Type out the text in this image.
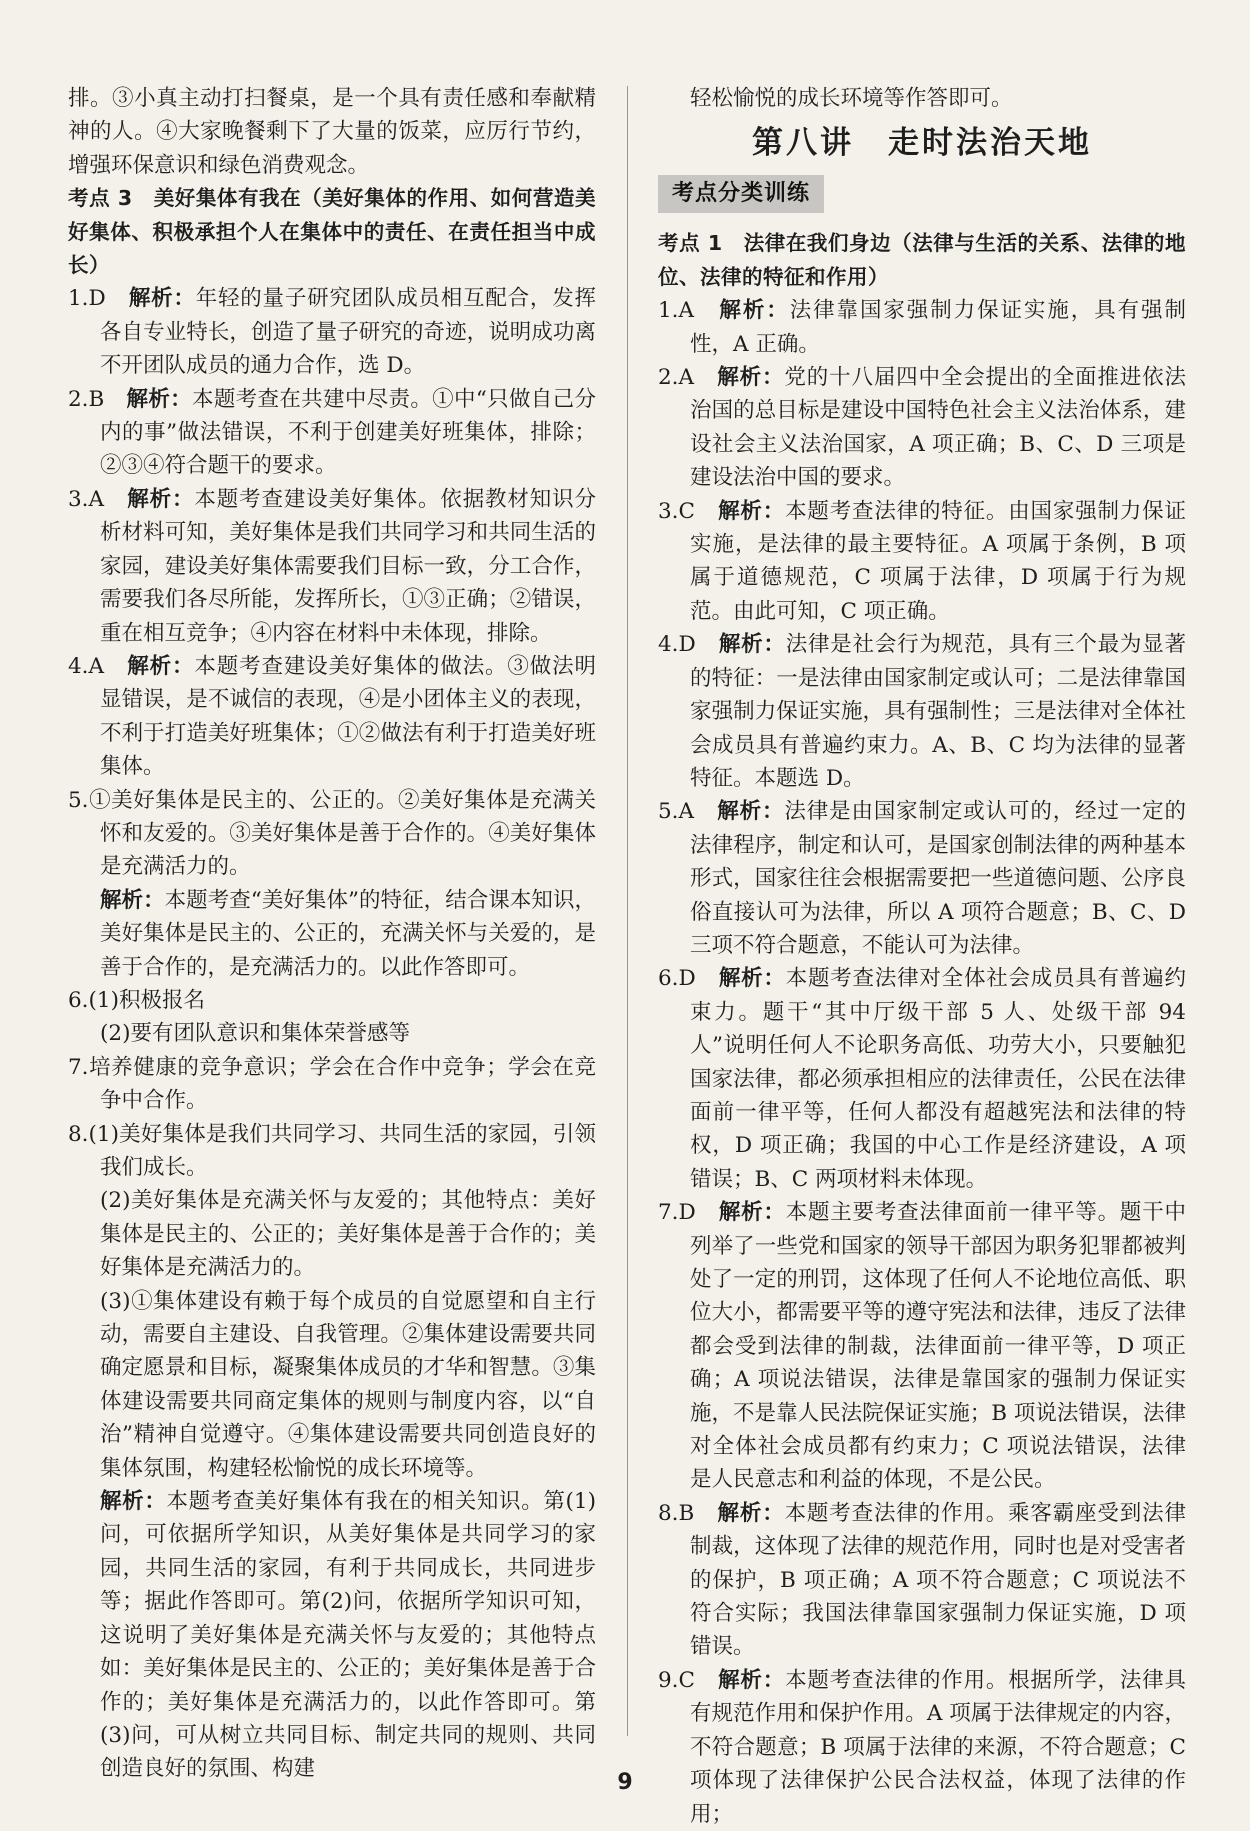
排。③小真主动打扫餐桌，是一个具有责任感和奉献精神的人。④大家晚餐剩下了大量的饭菜，应厉行节约，增强环保意识和绿色消费观念。

考点 3　美好集体有我在（美好集体的作用、如何营造美好集体、积极承担个人在集体中的责任、在责任担当中成长）

1.D　 解析：年轻的量子研究团队成员相互配合，发挥各自专业特长，创造了量子研究的奇迹，说明成功离不开团队成员的通力合作，选 D。

2.B　 解析：本题考查在共建中尽责。①中“只做自己分内的事”做法错误，不利于创建美好班集体，排除；②③④符合题干的要求。

3.A　 解析：本题考查建设美好集体。依据教材知识分析材料可知，美好集体是我们共同学习和共同生活的家园，建设美好集体需要我们目标一致，分工合作，需要我们各尽所能，发挥所长，①③正确；②错误，重在相互竞争；④内容在材料中未体现，排除。

4.A　 解析：本题考查建设美好集体的做法。③做法明显错误，是不诚信的表现，④是小团体主义的表现，不利于打造美好班集体；①②做法有利于打造美好班集体。

5.①美好集体是民主的、公正的。②美好集体是充满关怀和友爱的。③美好集体是善于合作的。④美好集体是充满活力的。

解析：本题考查“美好集体”的特征，结合课本知识，美好集体是民主的、公正的，充满关怀与关爱的，是善于合作的，是充满活力的。以此作答即可。

6.(1)积极报名

(2)要有团队意识和集体荣誉感等

7.培养健康的竞争意识；学会在合作中竞争；学会在竞争中合作。

8.(1)美好集体是我们共同学习、共同生活的家园，引领我们成长。

(2)美好集体是充满关怀与友爱的；其他特点：美好集体是民主的、公正的；美好集体是善于合作的；美好集体是充满活力的。

(3)①集体建设有赖于每个成员的自觉愿望和自主行动，需要自主建设、自我管理。②集体建设需要共同确定愿景和目标，凝聚集体成员的才华和智慧。③集体建设需要共同商定集体的规则与制度内容，以“自治”精神自觉遵守。④集体建设需要共同创造良好的集体氛围，构建轻松愉悦的成长环境等。

解析：本题考查美好集体有我在的相关知识。第(1)问，可依据所学知识，从美好集体是共同学习的家园，共同生活的家园，有利于共同成长，共同进步等；据此作答即可。第(2)问，依据所学知识可知，这说明了美好集体是充满关怀与友爱的；其他特点如：美好集体是民主的、公正的；美好集体是善于合作的；美好集体是充满活力的，以此作答即可。第(3)问，可从树立共同目标、制定共同的规则、共同创造良好的氛围、构建

轻松愉悦的成长环境等作答即可。

第八讲　走时法治天地
考点分类训练

考点 1　法律在我们身边（法律与生活的关系、法律的地位、法律的特征和作用）

1.A　 解析：法律靠国家强制力保证实施，具有强制性，A 正确。

2.A　 解析：党的十八届四中全会提出的全面推进依法治国的总目标是建设中国特色社会主义法治体系，建设社会主义法治国家，A 项正确；B、C、D 三项是建设法治中国的要求。

3.C　 解析：本题考查法律的特征。由国家强制力保证实施，是法律的最主要特征。A 项属于条例，B 项属于道德规范，C 项属于法律，D 项属于行为规范。由此可知，C 项正确。

4.D　 解析：法律是社会行为规范，具有三个最为显著的特征：一是法律由国家制定或认可；二是法律靠国家强制力保证实施，具有强制性；三是法律对全体社会成员具有普遍约束力。A、B、C 均为法律的显著特征。本题选 D。

5.A　 解析：法律是由国家制定或认可的，经过一定的法律程序，制定和认可，是国家创制法律的两种基本形式，国家往往会根据需要把一些道德问题、公序良俗直接认可为法律，所以 A 项符合题意；B、C、D 三项不符合题意，不能认可为法律。

6.D　 解析：本题考查法律对全体社会成员具有普遍约束力。题干“其中厅级干部 5 人、处级干部 94 人”说明任何人不论职务高低、功劳大小，只要触犯国家法律，都必须承担相应的法律责任，公民在法律面前一律平等，任何人都没有超越宪法和法律的特权，D 项正确；我国的中心工作是经济建设，A 项错误；B、C 两项材料未体现。

7.D　 解析：本题主要考查法律面前一律平等。题干中列举了一些党和国家的领导干部因为职务犯罪都被判处了一定的刑罚，这体现了任何人不论地位高低、职位大小，都需要平等的遵守宪法和法律，违反了法律都会受到法律的制裁，法律面前一律平等，D 项正确；A 项说法错误，法律是靠国家的强制力保证实施，不是靠人民法院保证实施；B 项说法错误，法律对全体社会成员都有约束力；C 项说法错误，法律是人民意志和利益的体现，不是公民。

8.B　 解析：本题考查法律的作用。乘客霸座受到法律制裁，这体现了法律的规范作用，同时也是对受害者的保护，B 项正确；A 项不符合题意；C 项说法不符合实际；我国法律靠国家强制力保证实施，D 项错误。

9.C　 解析：本题考查法律的作用。根据所学，法律具有规范作用和保护作用。A 项属于法律规定的内容，不符合题意；B 项属于法律的来源，不符合题意；C 项体现了法律保护公民合法权益，体现了法律的作用；

9
